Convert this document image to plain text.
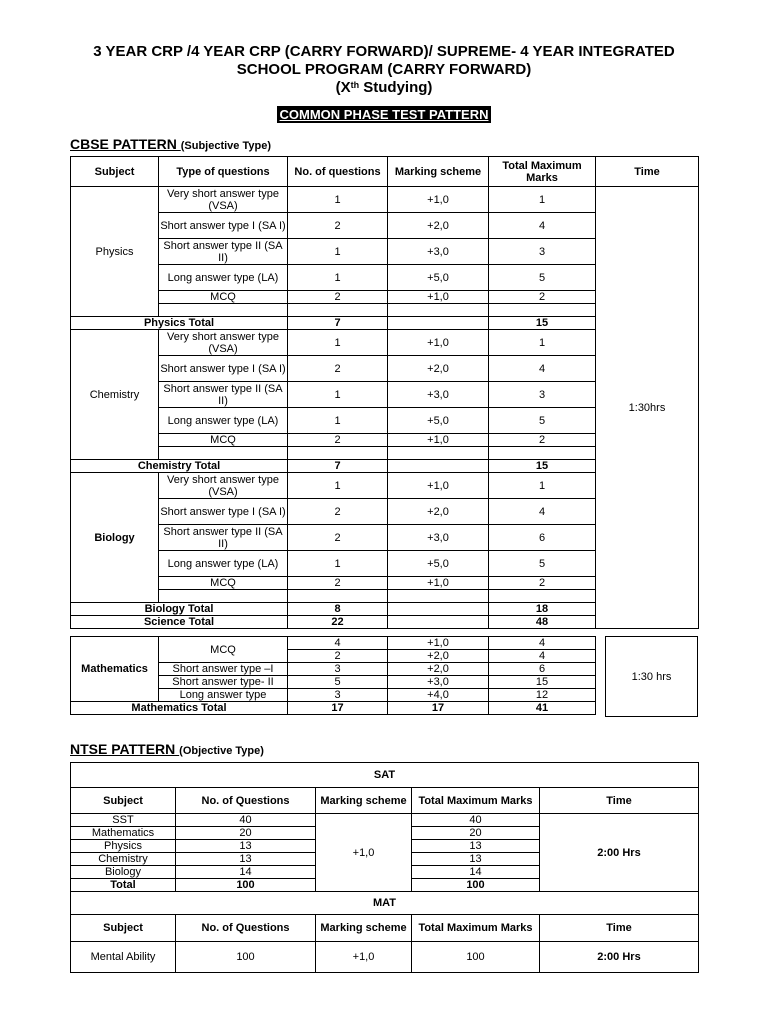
3 YEAR CRP /4 YEAR CRP (CARRY FORWARD)/ SUPREME- 4 YEAR INTEGRATED
SCHOOL PROGRAM (CARRY FORWARD)
(Xth Studying)
COMMON PHASE TEST PATTERN
CBSE PATTERN (Subjective Type)
Subject	Type of questions	No. of questions	Marking scheme	Total Maximum Marks	Time
Physics	Very short answer type (VSA)	1	+1,0	1	1:30hrs
	Short answer type I (SA I)	2	+2,0	4	
	Short answer type II (SA II)	1	+3,0	3	
	Long answer type (LA)	1	+5,0	5	
	MCQ	2	+1,0	2	

Physics Total		7		15	
Chemistry	Very short answer type (VSA)	1	+1,0	1	
	Short answer type I (SA I)	2	+2,0	4	
	Short answer type II (SA II)	1	+3,0	3	
	Long answer type (LA)	1	+5,0	5	
	MCQ	2	+1,0	2	

Chemistry Total		7		15	
Biology	Very short answer type (VSA)	1	+1,0	1	
	Short answer type I (SA I)	2	+2,0	4	
	Short answer type II (SA II)	2	+3,0	6	
	Long answer type (LA)	1	+5,0	5	
	MCQ	2	+1,0	2	

Biology Total		8		18	
Science Total		22		48	
Mathematics	MCQ	4	+1,0	4	
		2	+2,0	4	
	Short answer type –I	3	+2,0	6	
	Short answer type- II	5	+3,0	15	
	Long answer type	3	+4,0	12	
Mathematics Total		17	17	41	
1:30 hrs
NTSE PATTERN (Objective Type)
SAT				
Subject	No. of Questions	Marking scheme	Total Maximum Marks	Time
SST	40	+1,0	40	2:00 Hrs
Mathematics	20		20	
Physics	13		13	
Chemistry	13		13	
Biology	14		14	
Total	100		100	
MAT				
Subject	No. of Questions	Marking scheme	Total Maximum Marks	Time
Mental Ability	100	+1,0	100	2:00 Hrs
